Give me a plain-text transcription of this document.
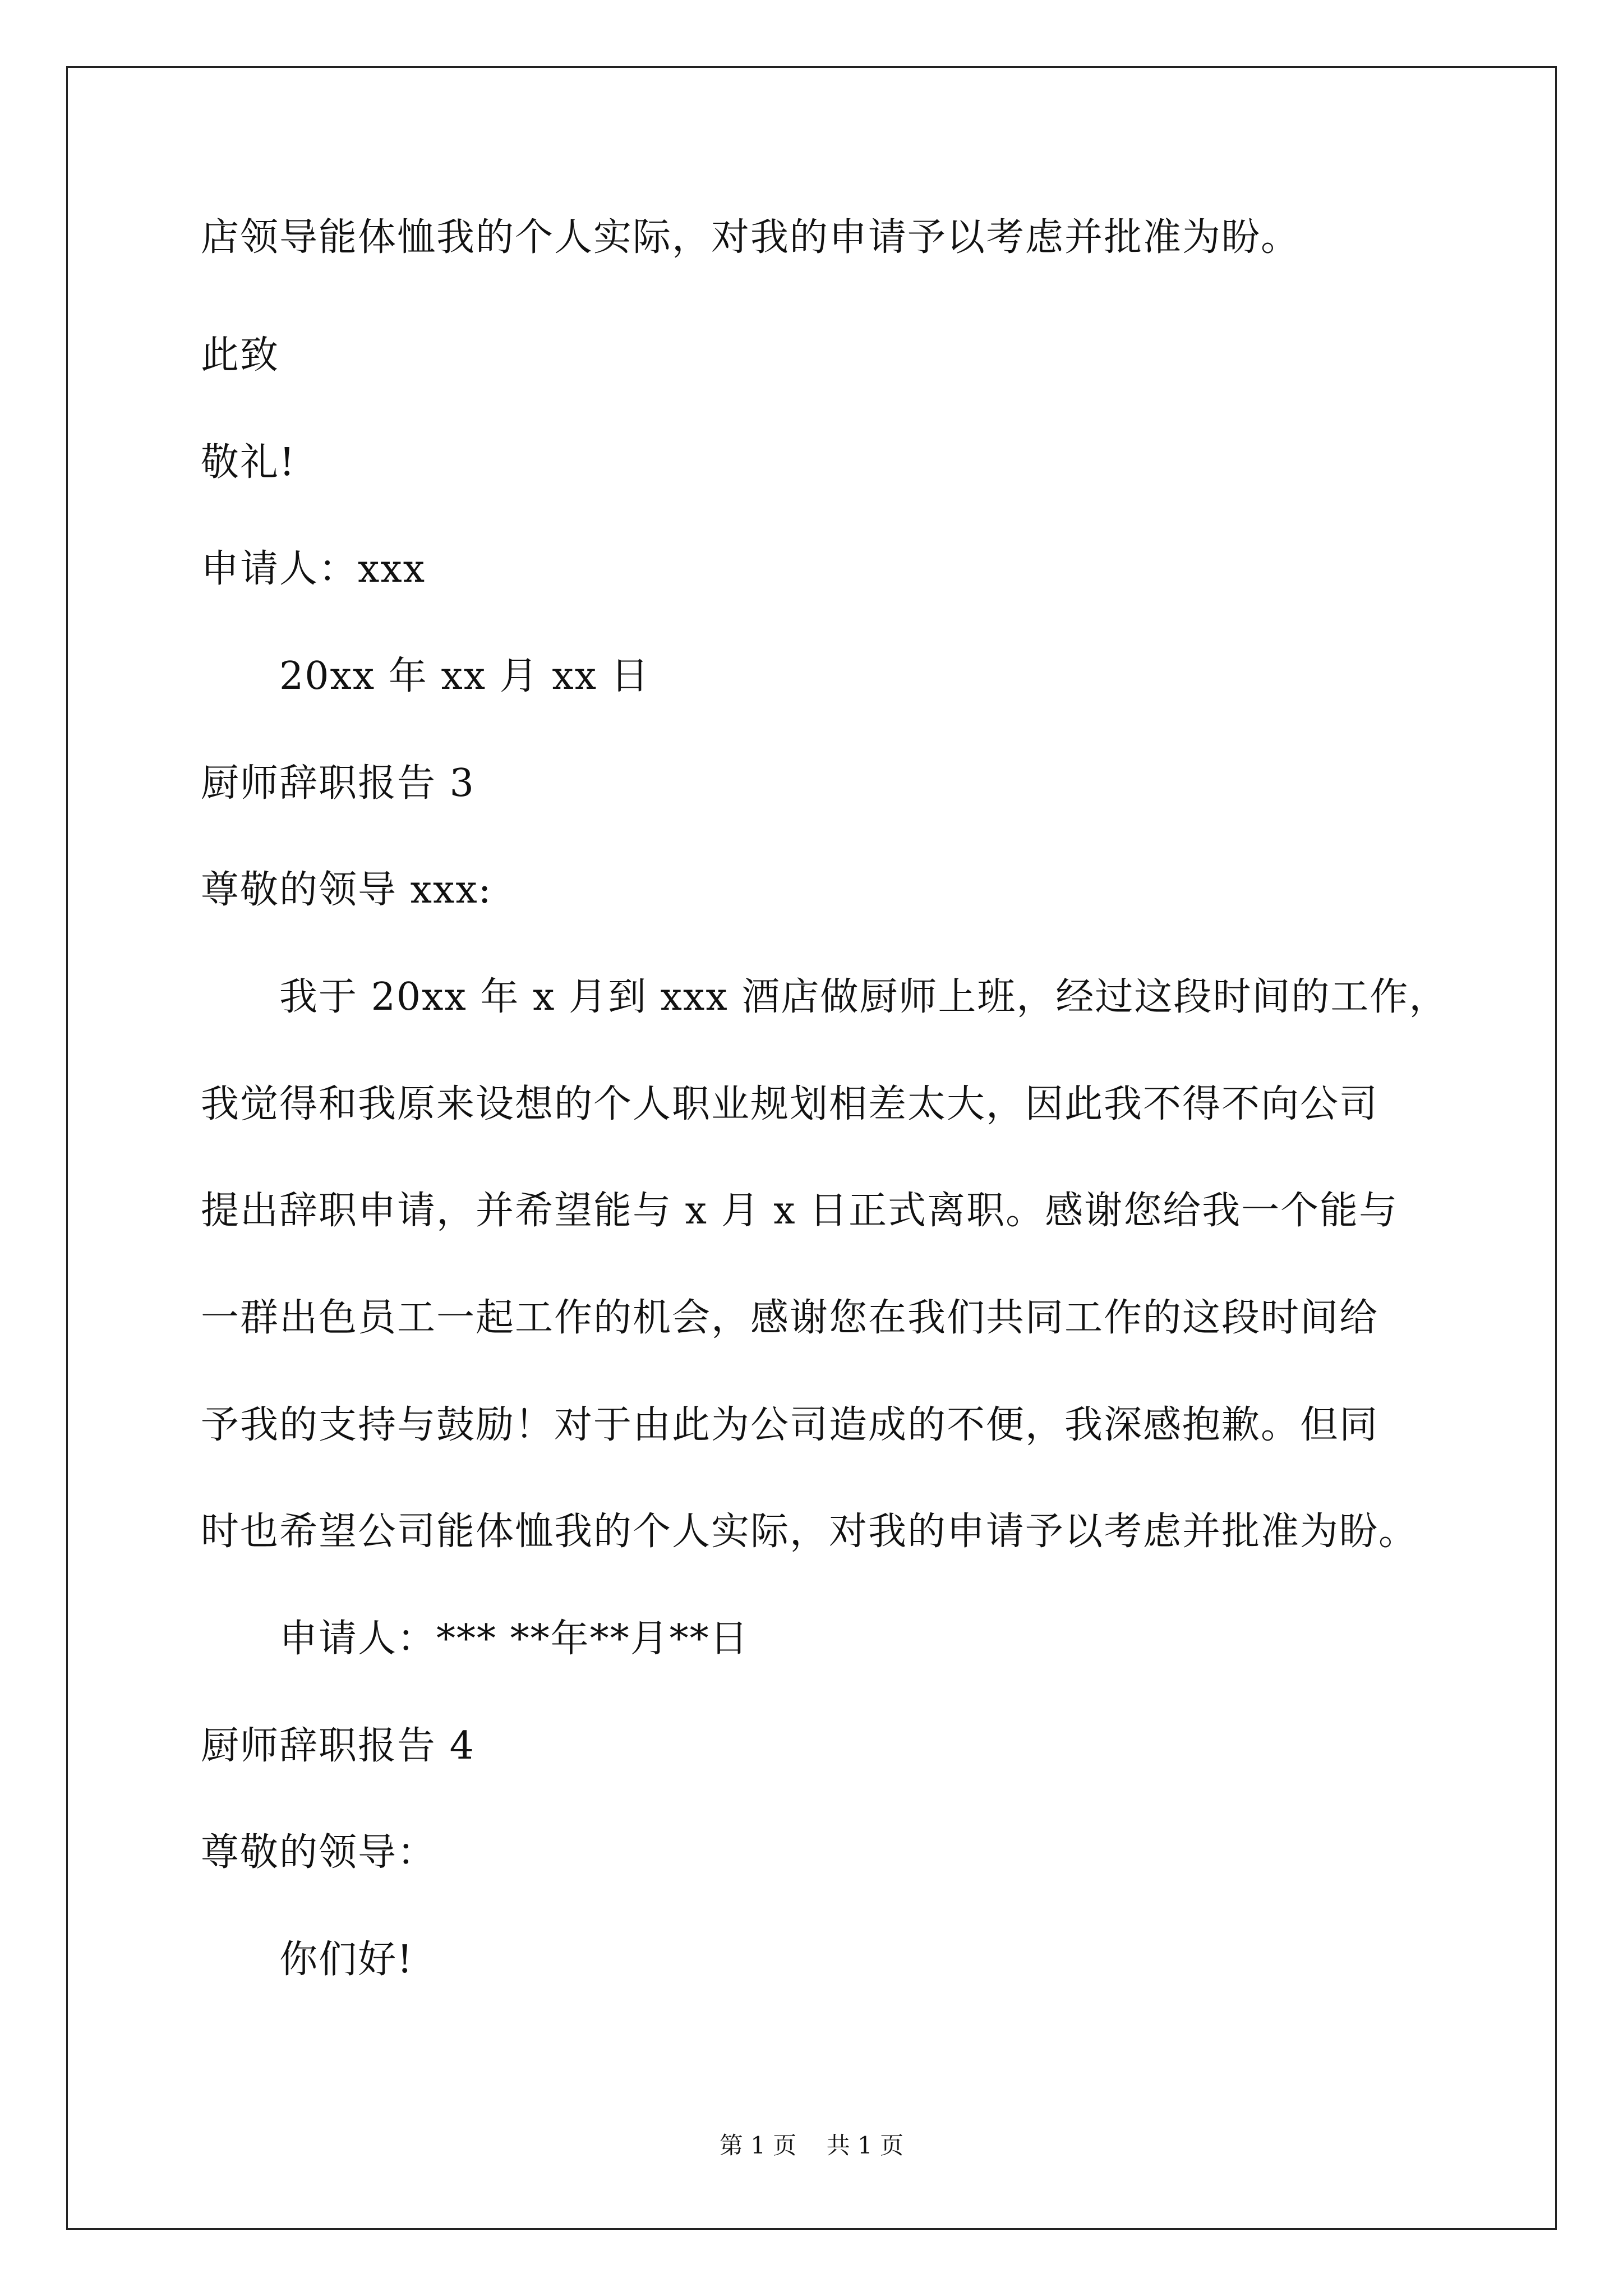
店领导能体恤我的个人实际，对我的申请予以考虑并批准为盼。
此致
敬礼!
申请人：xxx
20xx 年 xx 月 xx 日
厨师辞职报告 3
尊敬的领导 xxx:
我于 20xx 年 x 月到 xxx 酒店做厨师上班，经过这段时间的工作，
我觉得和我原来设想的个人职业规划相差太大，因此我不得不向公司
提出辞职申请，并希望能与 x 月 x 日正式离职。感谢您给我一个能与
一群出色员工一起工作的机会，感谢您在我们共同工作的这段时间给
予我的支持与鼓励！对于由此为公司造成的不便，我深感抱歉。但同
时也希望公司能体恤我的个人实际，对我的申请予以考虑并批准为盼。
申请人：*** **年**月**日
厨师辞职报告 4
尊敬的领导：
你们好!
第 1 页    共 1 页
